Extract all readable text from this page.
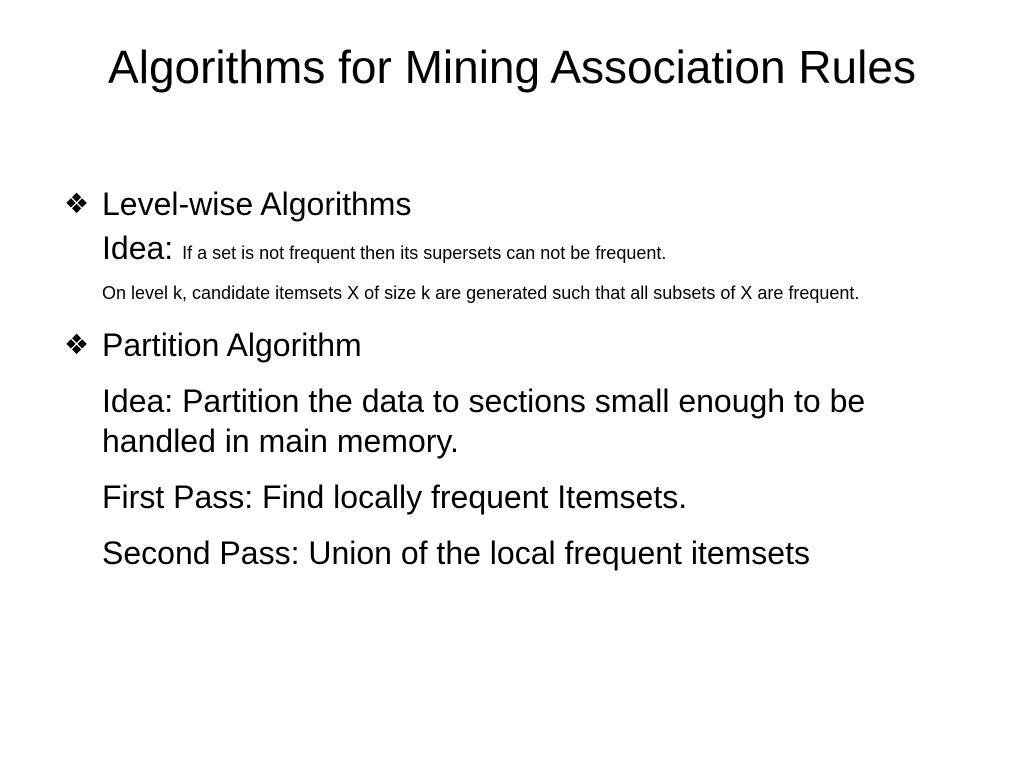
Algorithms for Mining Association Rules
❖ Level-wise Algorithms
Idea: If a set is not frequent then its supersets can not be frequent.
On level k, candidate itemsets X of size k are generated such that all subsets of X are frequent.
❖ Partition Algorithm
Idea: Partition the data to sections small enough to be handled in main memory.
First Pass: Find locally frequent Itemsets.
Second Pass: Union of the local frequent itemsets
